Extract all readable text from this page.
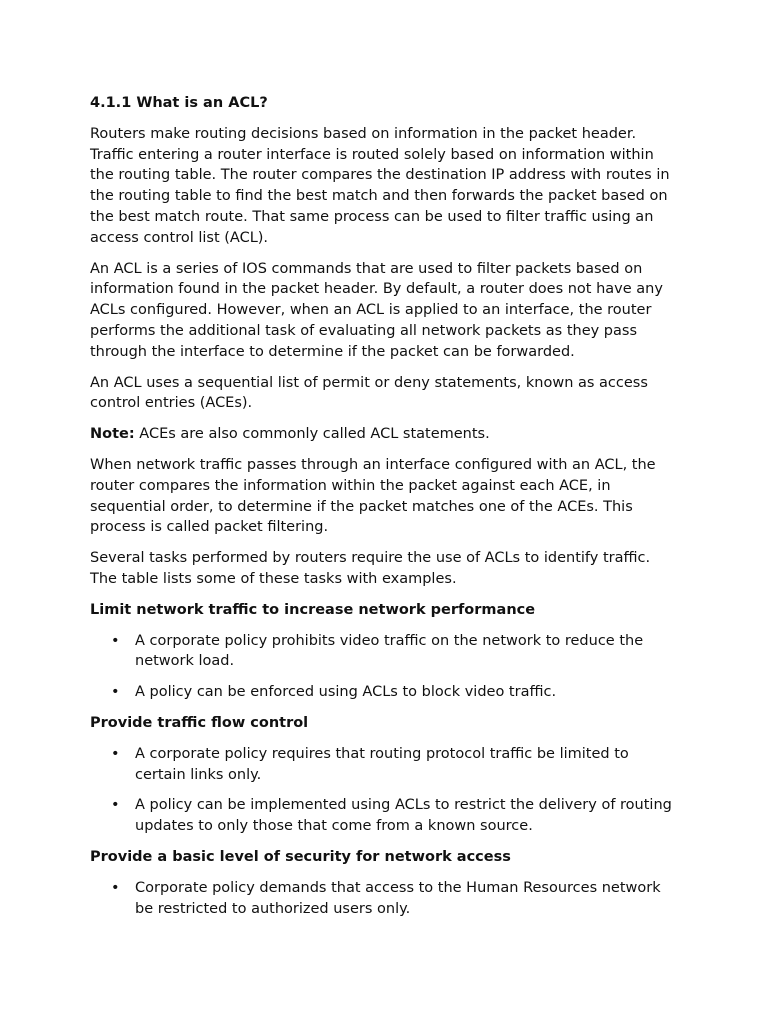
4.1.1 What is an ACL?

Routers make routing decisions based on information in the packet header. Traffic entering a router interface is routed solely based on information within the routing table. The router compares the destination IP address with routes in the routing table to find the best match and then forwards the packet based on the best match route. That same process can be used to filter traffic using an access control list (ACL).

An ACL is a series of IOS commands that are used to filter packets based on information found in the packet header. By default, a router does not have any ACLs configured. However, when an ACL is applied to an interface, the router performs the additional task of evaluating all network packets as they pass through the interface to determine if the packet can be forwarded.

An ACL uses a sequential list of permit or deny statements, known as access control entries (ACEs).

Note: ACEs are also commonly called ACL statements.

When network traffic passes through an interface configured with an ACL, the router compares the information within the packet against each ACE, in sequential order, to determine if the packet matches one of the ACEs. This process is called packet filtering.

Several tasks performed by routers require the use of ACLs to identify traffic. The table lists some of these tasks with examples.

Limit network traffic to increase network performance
• A corporate policy prohibits video traffic on the network to reduce the network load.
• A policy can be enforced using ACLs to block video traffic.
Provide traffic flow control
• A corporate policy requires that routing protocol traffic be limited to certain links only.
• A policy can be implemented using ACLs to restrict the delivery of routing updates to only those that come from a known source.
Provide a basic level of security for network access
• Corporate policy demands that access to the Human Resources network be restricted to authorized users only.
